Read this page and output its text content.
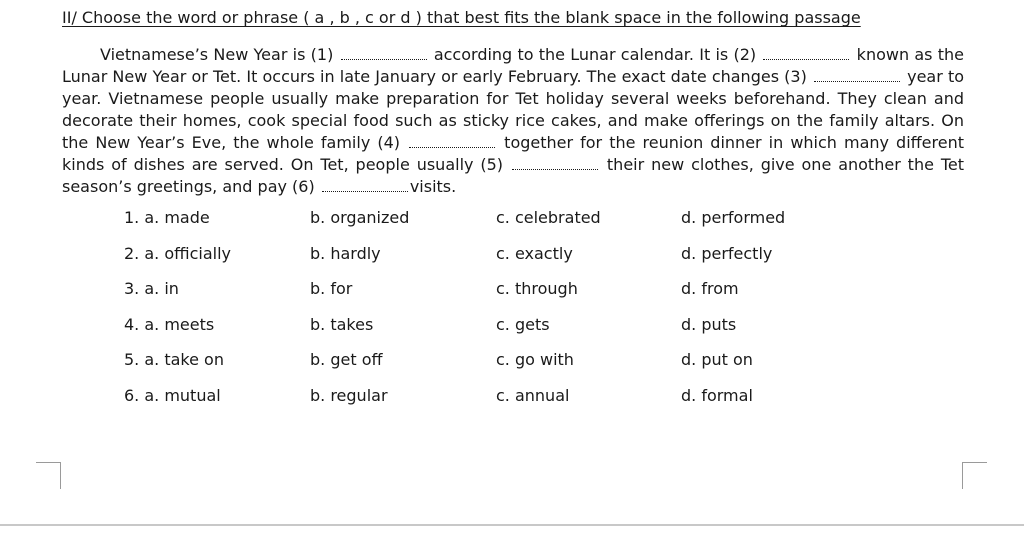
II/ Choose the word or phrase ( a , b , c or d ) that best fits the blank space in the following passage
Vietnamese’s New Year is (1)	according to the Lunar calendar. It is (2)	known as the Lunar New Year or Tet. It occurs in late January or early February. The exact date changes (3)	year to year. Vietnamese people usually make preparation for Tet holiday several weeks beforehand. They clean and decorate their homes, cook special food such as sticky rice cakes, and make offerings on the family altars. On the New Year’s Eve, the whole family (4)	together for the reunion dinner in which many different kinds of dishes are served. On Tet, people usually (5)	their new clothes, give one another the Tet season’s greetings, and pay (6)	visits.
1. a. made	b. organized	c. celebrated	d. performed
2. a. officially	b. hardly	c. exactly	d. perfectly
3. a. in	b. for	c. through	d. from
4. a. meets	b. takes	c. gets	d. puts
5. a. take on	b. get off	c. go with	d. put on
6. a. mutual	b. regular	c. annual	d. formal
